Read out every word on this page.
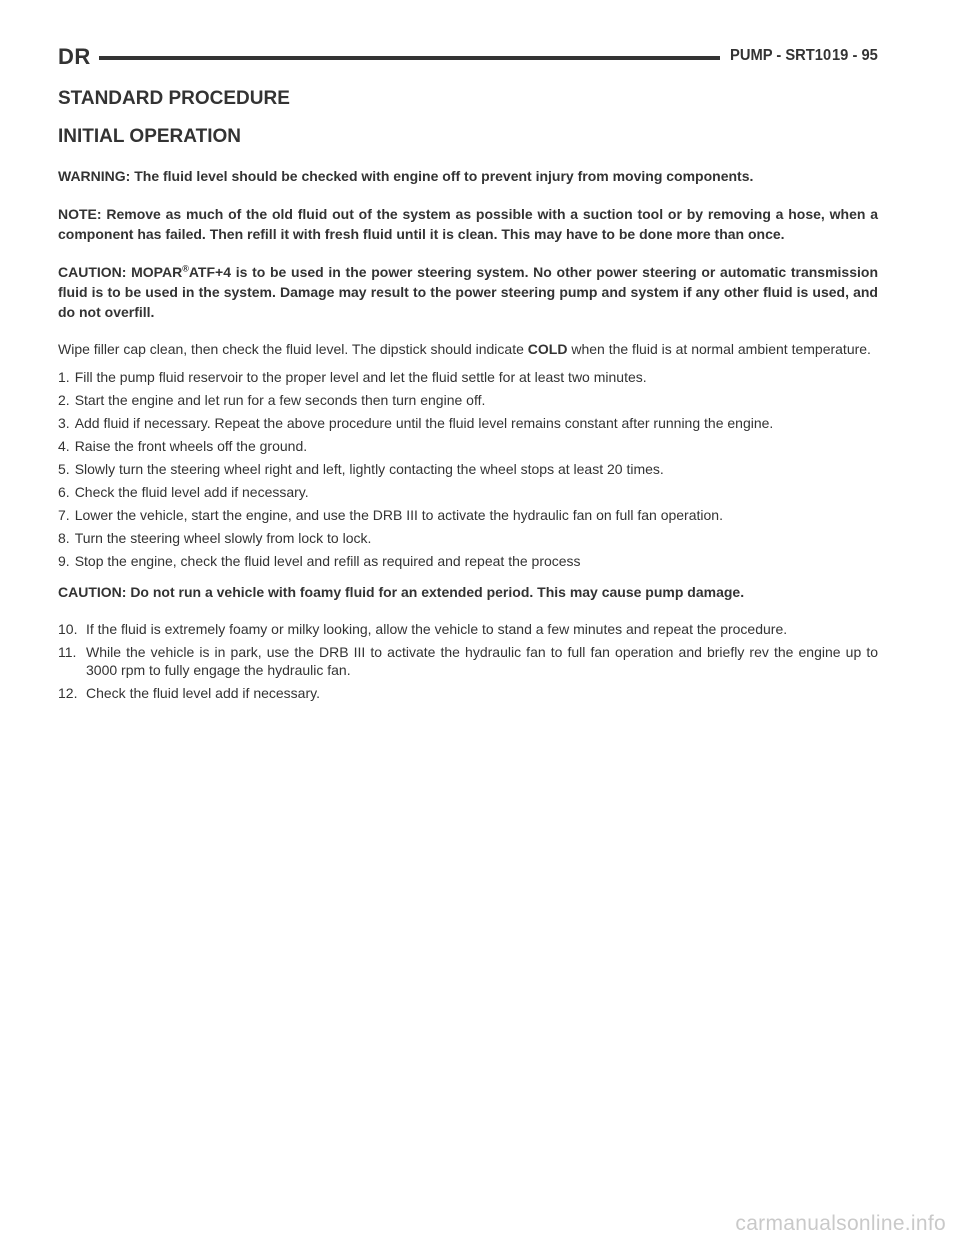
DR	PUMP - SRT10 19 - 95
STANDARD PROCEDURE
INITIAL OPERATION

WARNING: The fluid level should be checked with engine off to prevent injury from moving components.

NOTE: Remove as much of the old fluid out of the system as possible with a suction tool or by removing a hose, when a component has failed. Then refill it with fresh fluid until it is clean. This may have to be done more than once.

CAUTION: MOPAR®ATF+4 is to be used in the power steering system. No other power steering or automatic transmission fluid is to be used in the system. Damage may result to the power steering pump and system if any other fluid is used, and do not overfill.

Wipe filler cap clean, then check the fluid level. The dipstick should indicate COLD when the fluid is at normal ambient temperature.

1. Fill the pump fluid reservoir to the proper level and let the fluid settle for at least two minutes.
2. Start the engine and let run for a few seconds then turn engine off.
3. Add fluid if necessary. Repeat the above procedure until the fluid level remains constant after running the engine.
4. Raise the front wheels off the ground.
5. Slowly turn the steering wheel right and left, lightly contacting the wheel stops at least 20 times.
6. Check the fluid level add if necessary.
7. Lower the vehicle, start the engine, and use the DRB III to activate the hydraulic fan on full fan operation.
8. Turn the steering wheel slowly from lock to lock.
9. Stop the engine, check the fluid level and refill as required and repeat the process

CAUTION: Do not run a vehicle with foamy fluid for an extended period. This may cause pump damage.

10. If the fluid is extremely foamy or milky looking, allow the vehicle to stand a few minutes and repeat the procedure.
11. While the vehicle is in park, use the DRB III to activate the hydraulic fan to full fan operation and briefly rev the engine up to 3000 rpm to fully engage the hydraulic fan.
12. Check the fluid level add if necessary.
carmanualsonline.info
